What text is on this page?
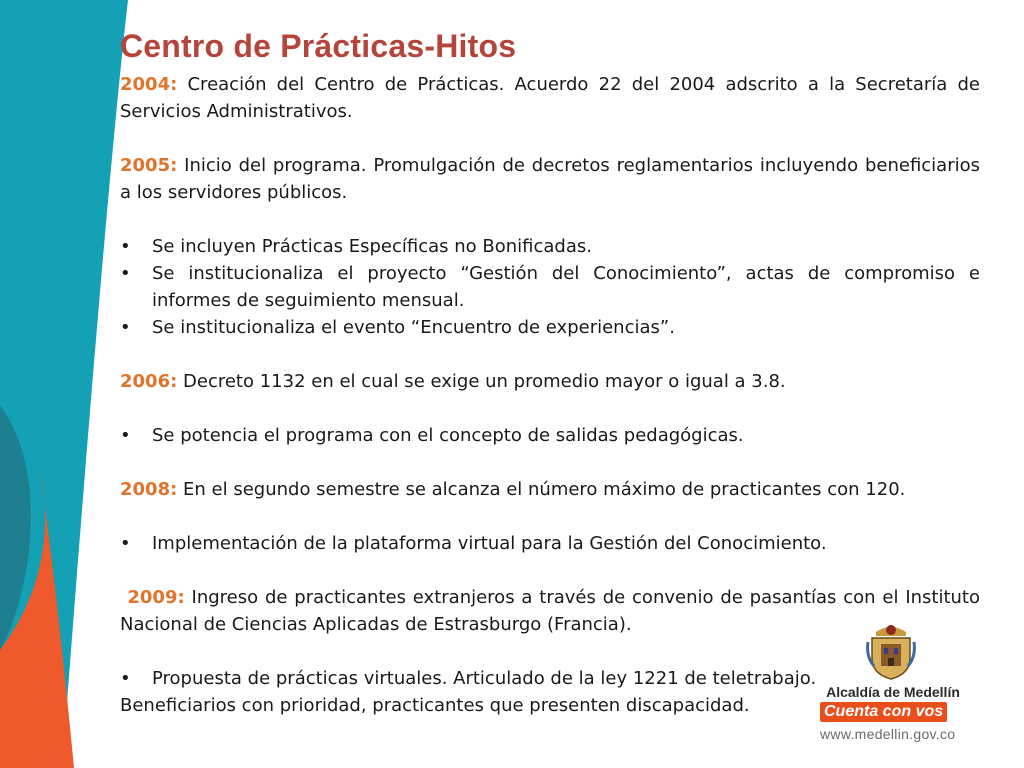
Centro de Prácticas-Hitos

2004: Creación del Centro de Prácticas. Acuerdo 22 del 2004 adscrito a la Secretaría de Servicios Administrativos.

2005: Inicio del programa. Promulgación de decretos reglamentarios incluyendo beneficiarios a los servidores públicos.

• Se incluyen Prácticas Específicas no Bonificadas.
• Se institucionaliza el proyecto “Gestión del Conocimiento”, actas de compromiso e informes de seguimiento mensual.
• Se institucionaliza el evento “Encuentro de experiencias”.

2006: Decreto 1132 en el cual se exige un promedio mayor o igual a 3.8.

• Se potencia el programa con el concepto de salidas pedagógicas.

2008: En el segundo semestre se alcanza el número máximo de practicantes con 120.

• Implementación de la plataforma virtual para la Gestión del Conocimiento.

2009: Ingreso de practicantes extranjeros a través de convenio de pasantías con el Instituto Nacional de Ciencias Aplicadas de Estrasburgo (Francia).

• Propuesta de prácticas virtuales. Articulado de la ley 1221 de teletrabajo.

Beneficiarios con prioridad, practicantes que presenten discapacidad.

Alcaldía de Medellín
Cuenta con vos
www.medellin.gov.co
